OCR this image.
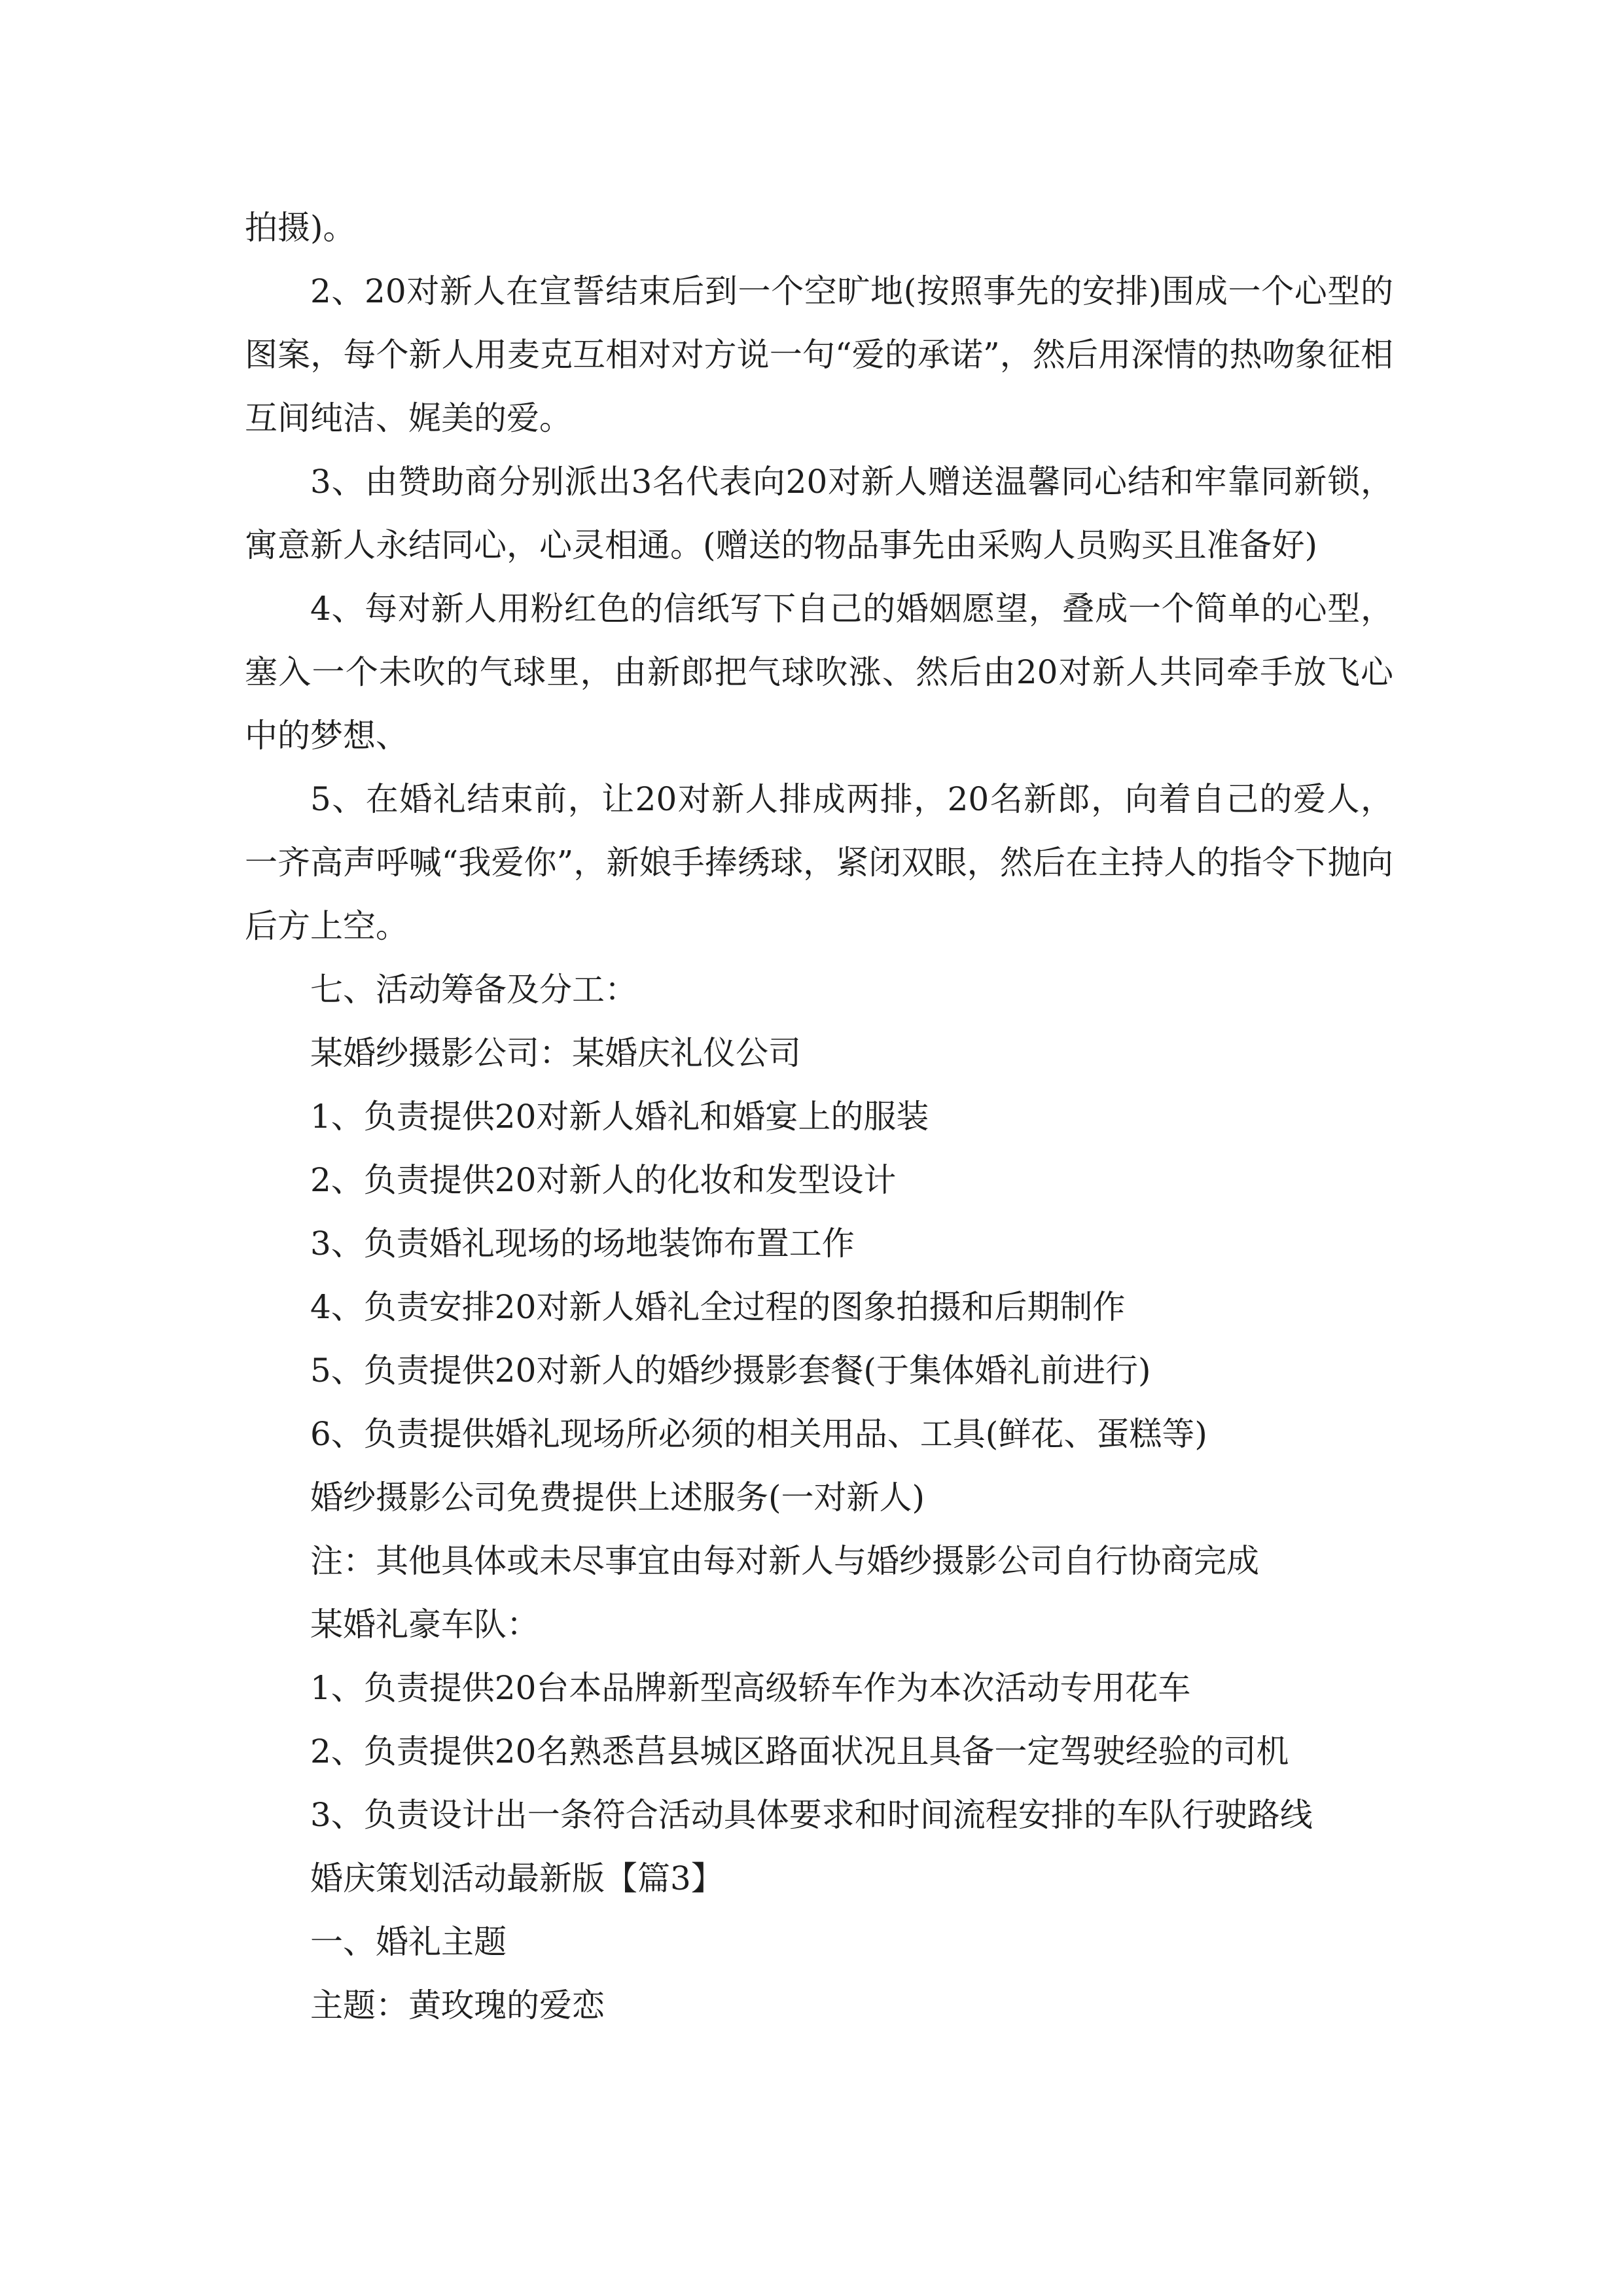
拍摄)。

2、20对新人在宣誓结束后到一个空旷地(按照事先的安排)围成一个心型的图案，每个新人用麦克互相对对方说一句“爱的承诺”，然后用深情的热吻象征相互间纯洁、娓美的爱。

3、由赞助商分别派出3名代表向20对新人赠送温馨同心结和牢靠同新锁，寓意新人永结同心，心灵相通。(赠送的物品事先由采购人员购买且准备好)

4、每对新人用粉红色的信纸写下自己的婚姻愿望，叠成一个简单的心型，塞入一个未吹的气球里，由新郎把气球吹涨、然后由20对新人共同牵手放飞心中的梦想、

5、在婚礼结束前，让20对新人排成两排，20名新郎，向着自己的爱人，一齐高声呼喊“我爱你”，新娘手捧绣球，紧闭双眼，然后在主持人的指令下抛向后方上空。

七、活动筹备及分工：

某婚纱摄影公司：某婚庆礼仪公司

1、负责提供20对新人婚礼和婚宴上的服装

2、负责提供20对新人的化妆和发型设计

3、负责婚礼现场的场地装饰布置工作

4、负责安排20对新人婚礼全过程的图象拍摄和后期制作

5、负责提供20对新人的婚纱摄影套餐(于集体婚礼前进行)

6、负责提供婚礼现场所必须的相关用品、工具(鲜花、蛋糕等)

婚纱摄影公司免费提供上述服务(一对新人)

注：其他具体或未尽事宜由每对新人与婚纱摄影公司自行协商完成

某婚礼豪车队：

1、负责提供20台本品牌新型高级轿车作为本次活动专用花车

2、负责提供20名熟悉莒县城区路面状况且具备一定驾驶经验的司机

3、负责设计出一条符合活动具体要求和时间流程安排的车队行驶路线

婚庆策划活动最新版【篇3】

一、婚礼主题

主题：黄玫瑰的爱恋
